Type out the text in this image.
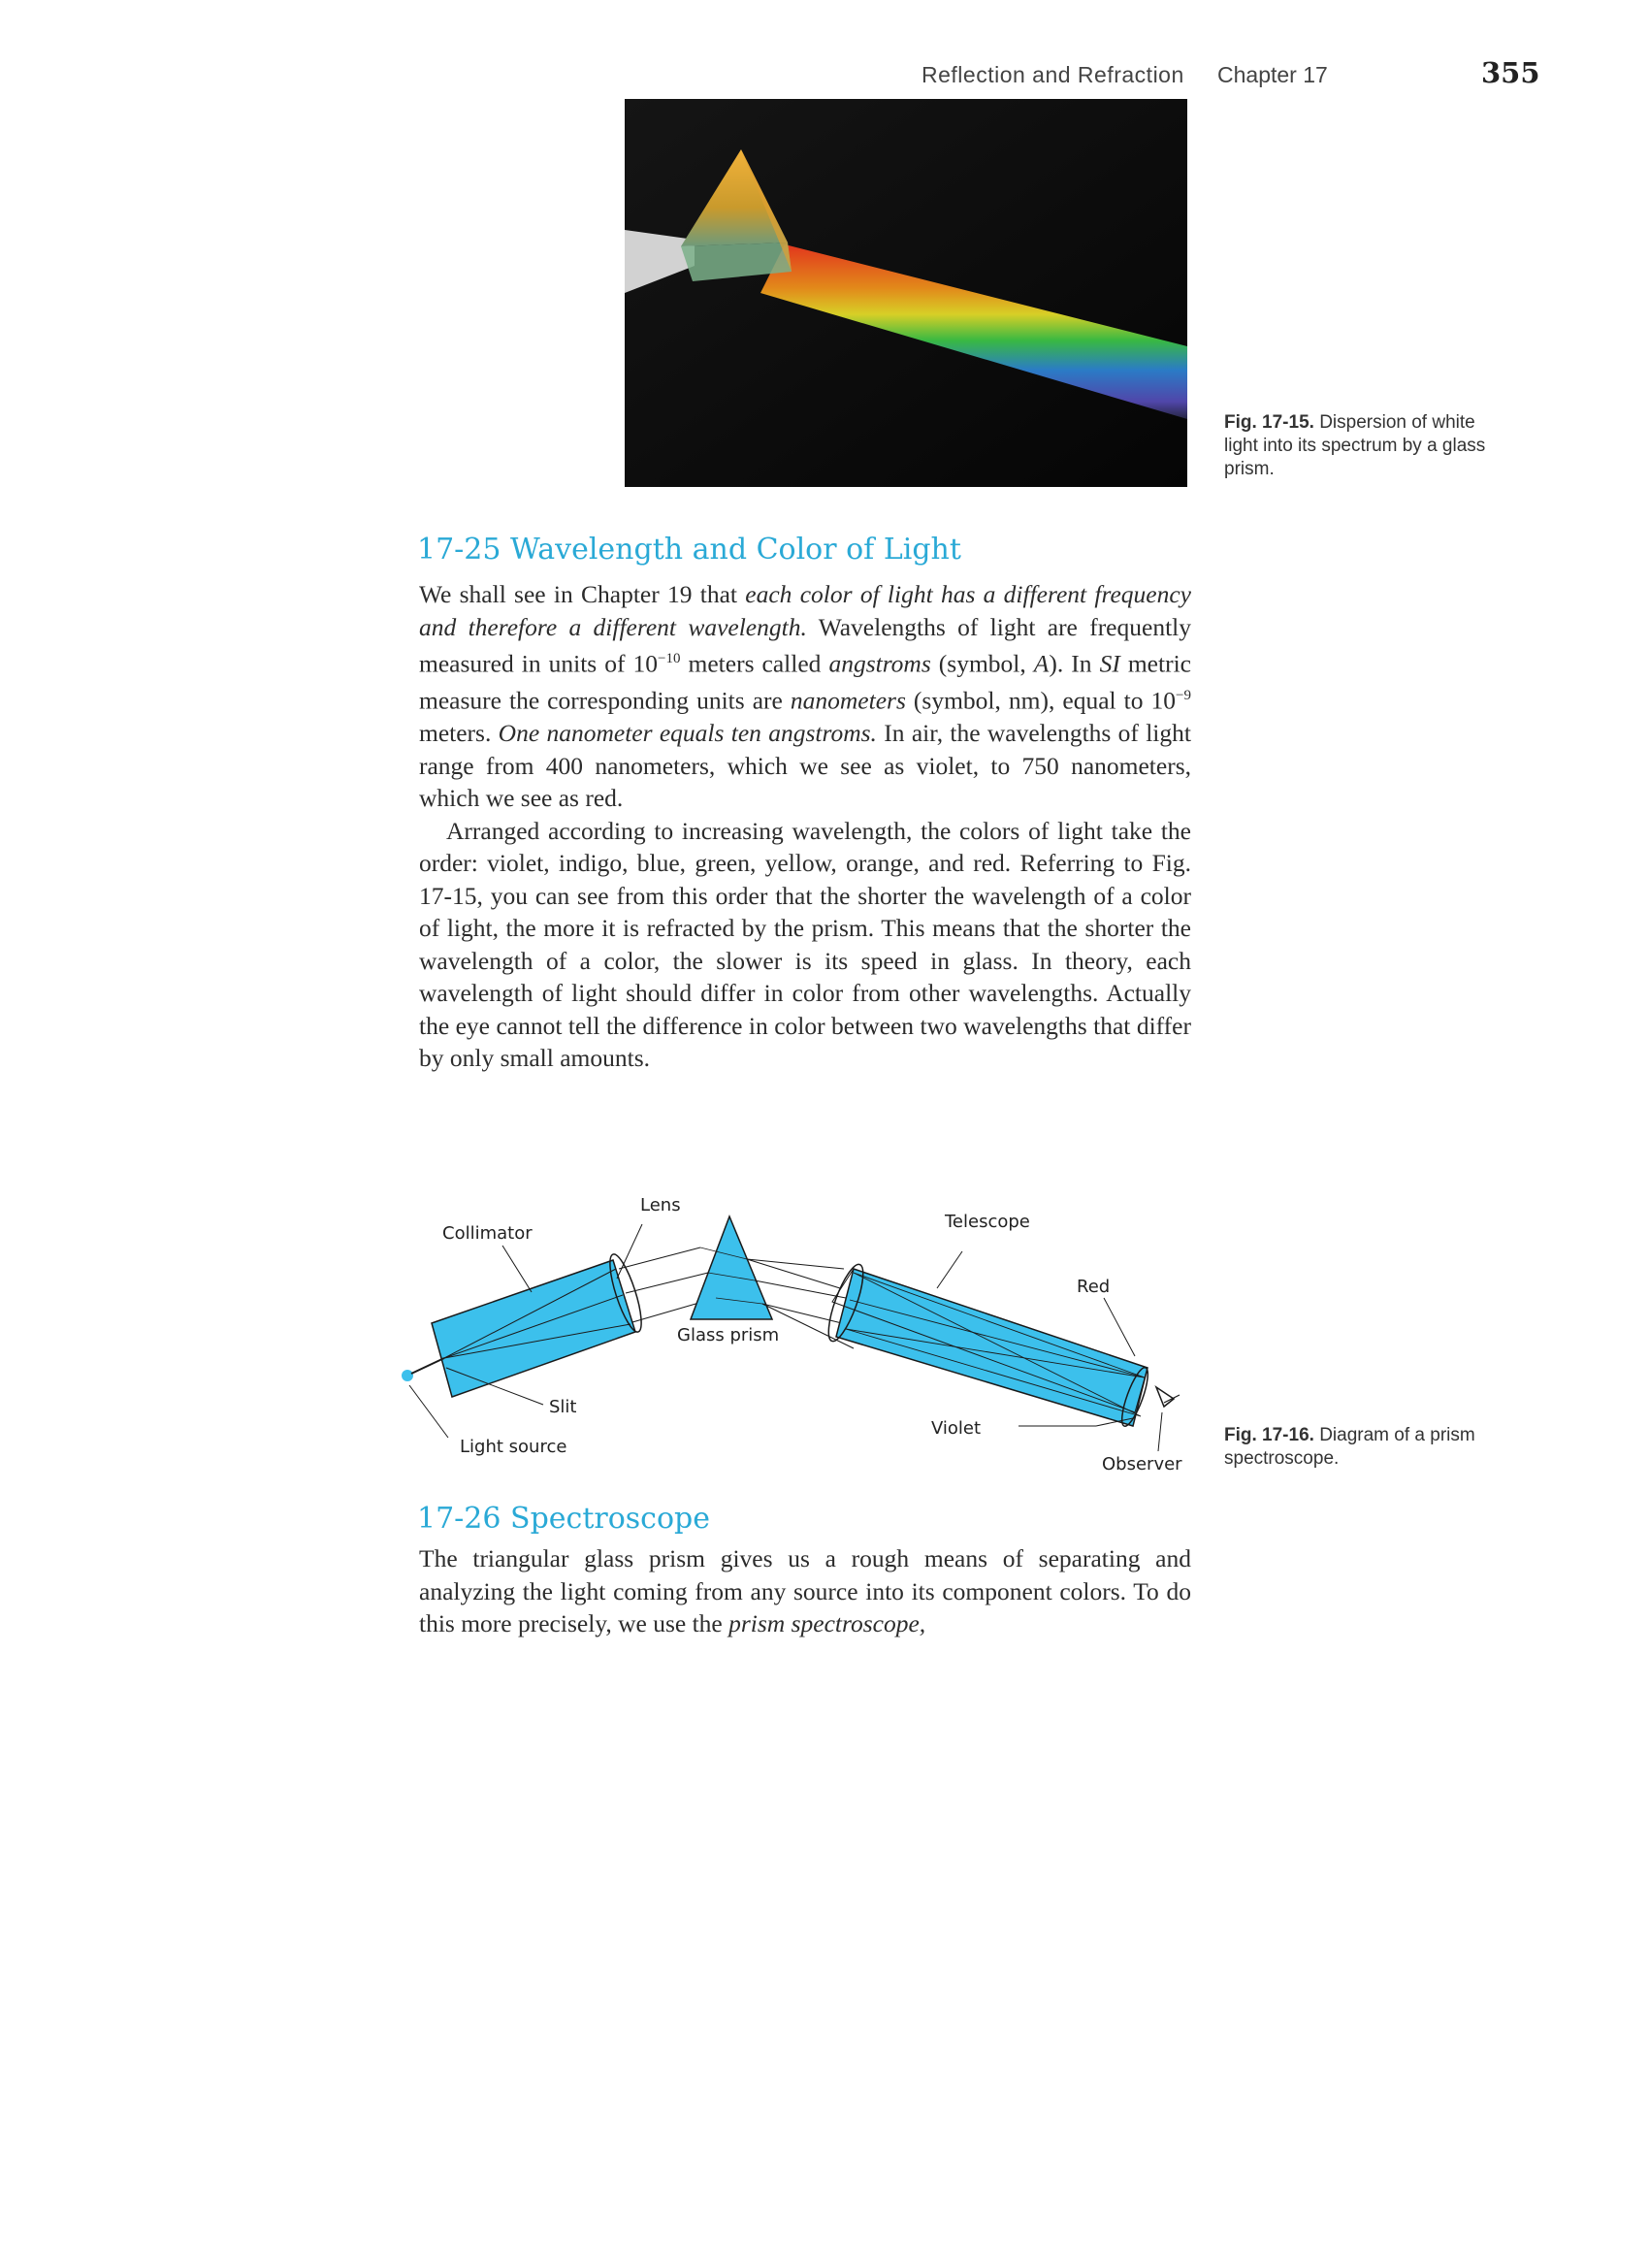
Reflection and Refraction Chapter 17	355
Fig. 17-15. Dispersion of white
light into its spectrum by a glass
prism.
17-25 Wavelength and Color of Light

We shall see in Chapter 19 that each color of light has a different frequency and therefore a different wavelength. Wavelengths of light are frequently measured in units of $10^{-10}$ meters called angstroms (symbol, A). In SI metric measure the corresponding units are nanometers (symbol, nm), equal to $10^{-9}$ meters. One nanometer equals ten angstroms. In air, the wavelengths of light range from 400 nanometers, which we see as violet, to 750 nanometers, which we see as red.

Arranged according to increasing wavelength, the colors of light take the order: violet, indigo, blue, green, yellow, orange, and red. Referring to Fig. 17-15, you can see from this order that the shorter the wavelength of a color of light, the more it is refracted by the prism. This means that the shorter the wavelength of a color, the slower is its speed in glass. In theory, each wavelength of light should differ in color from other wavelengths. Actually the eye cannot tell the difference in color between two wavelengths that differ by only small amounts.

Lens
Collimator
Glass prism
Telescope
Red
Slit
Light source
Violet
Observer
Fig. 17-16. Diagram of a prism
spectroscope.
17-26 Spectroscope

The triangular glass prism gives us a rough means of separating and analyzing the light coming from any source into its component colors. To do this more precisely, we use the prism spectroscope,
